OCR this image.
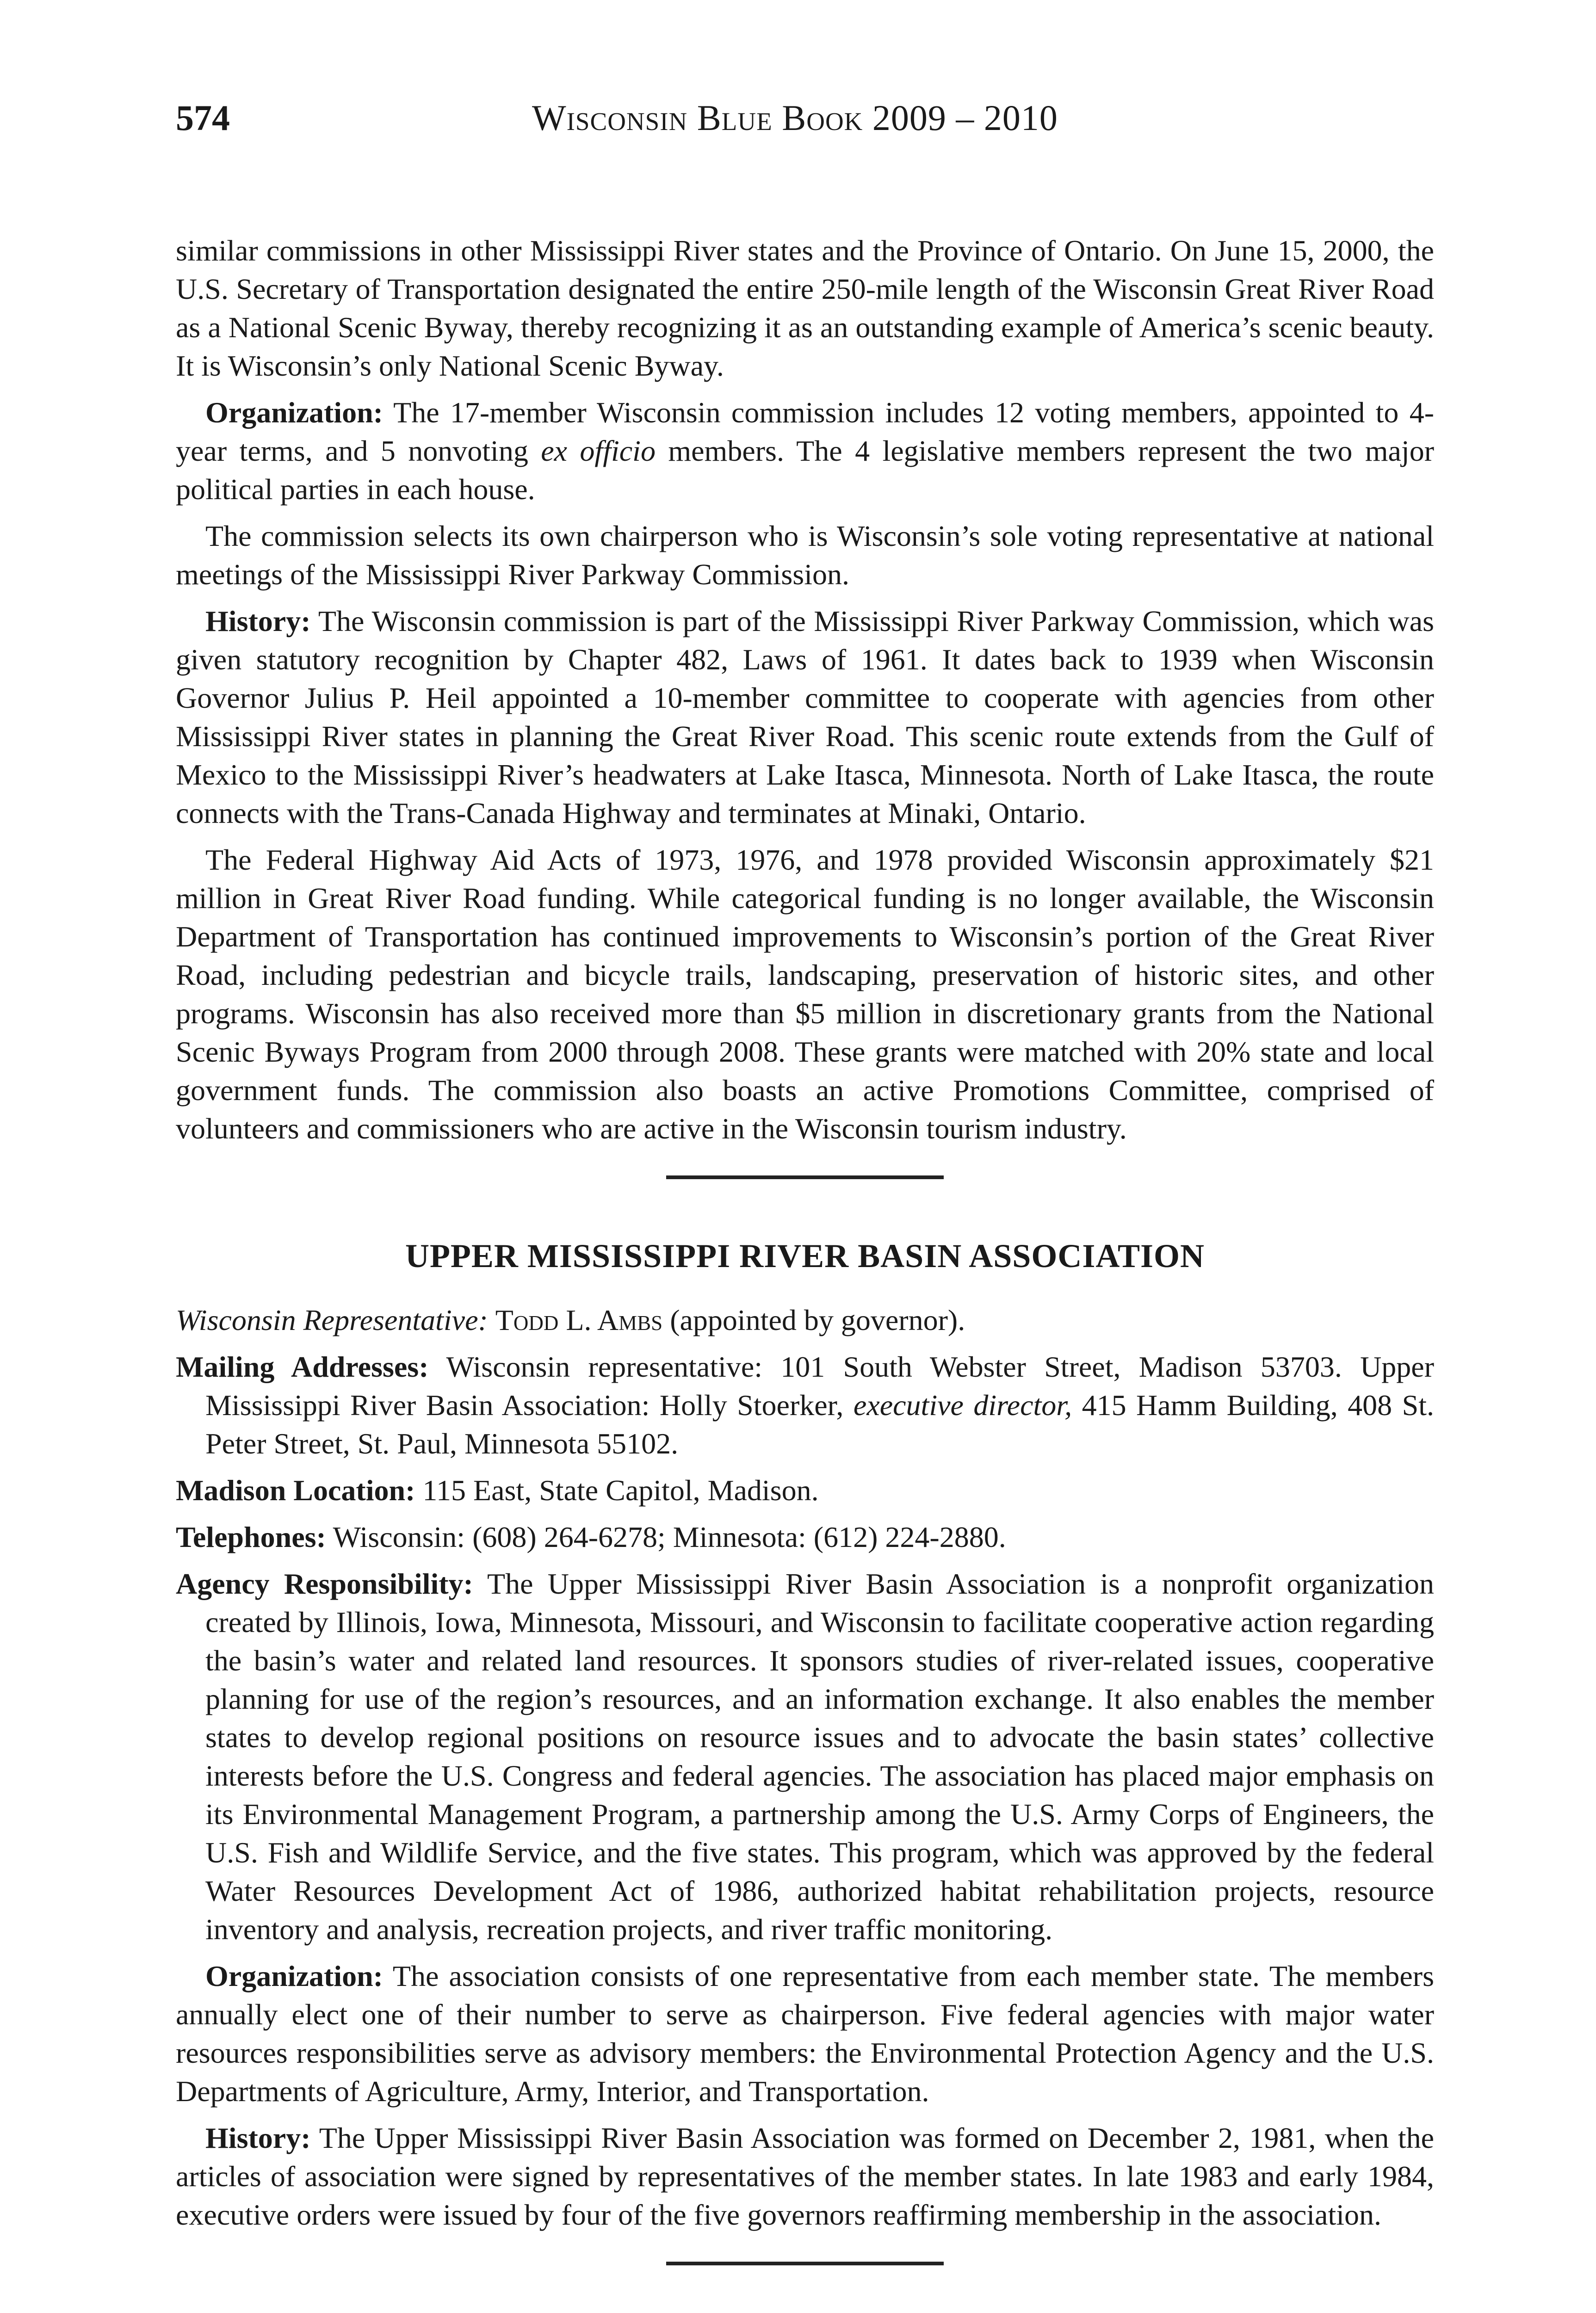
574	Wisconsin Blue Book 2009 – 2010

similar commissions in other Mississippi River states and the Province of Ontario. On June 15, 2000, the U.S. Secretary of Transportation designated the entire 250-mile length of the Wisconsin Great River Road as a National Scenic Byway, thereby recognizing it as an outstanding example of America’s scenic beauty. It is Wisconsin’s only National Scenic Byway.

Organization: The 17-member Wisconsin commission includes 12 voting members, appointed to 4-year terms, and 5 nonvoting ex officio members. The 4 legislative members represent the two major political parties in each house.

The commission selects its own chairperson who is Wisconsin’s sole voting representative at national meetings of the Mississippi River Parkway Commission.

History: The Wisconsin commission is part of the Mississippi River Parkway Commission, which was given statutory recognition by Chapter 482, Laws of 1961. It dates back to 1939 when Wisconsin Governor Julius P. Heil appointed a 10-member committee to cooperate with agencies from other Mississippi River states in planning the Great River Road. This scenic route extends from the Gulf of Mexico to the Mississippi River’s headwaters at Lake Itasca, Minnesota. North of Lake Itasca, the route connects with the Trans-Canada Highway and terminates at Minaki, Ontario.

The Federal Highway Aid Acts of 1973, 1976, and 1978 provided Wisconsin approximately $21 million in Great River Road funding. While categorical funding is no longer available, the Wisconsin Department of Transportation has continued improvements to Wisconsin’s portion of the Great River Road, including pedestrian and bicycle trails, landscaping, preservation of historic sites, and other programs. Wisconsin has also received more than $5 million in discretionary grants from the National Scenic Byways Program from 2000 through 2008. These grants were matched with 20% state and local government funds. The commission also boasts an active Promotions Committee, comprised of volunteers and commissioners who are active in the Wisconsin tourism industry.

UPPER MISSISSIPPI RIVER BASIN ASSOCIATION

Wisconsin Representative: Todd L. Ambs (appointed by governor).

Mailing Addresses: Wisconsin representative: 101 South Webster Street, Madison 53703. Upper Mississippi River Basin Association: Holly Stoerker, executive director, 415 Hamm Building, 408 St. Peter Street, St. Paul, Minnesota 55102.

Madison Location: 115 East, State Capitol, Madison.

Telephones: Wisconsin: (608) 264-6278; Minnesota: (612) 224-2880.

Agency Responsibility: The Upper Mississippi River Basin Association is a nonprofit organization created by Illinois, Iowa, Minnesota, Missouri, and Wisconsin to facilitate cooperative action regarding the basin’s water and related land resources. It sponsors studies of river-related issues, cooperative planning for use of the region’s resources, and an information exchange. It also enables the member states to develop regional positions on resource issues and to advocate the basin states’ collective interests before the U.S. Congress and federal agencies. The association has placed major emphasis on its Environmental Management Program, a partnership among the U.S. Army Corps of Engineers, the U.S. Fish and Wildlife Service, and the five states. This program, which was approved by the federal Water Resources Development Act of 1986, authorized habitat rehabilitation projects, resource inventory and analysis, recreation projects, and river traffic monitoring.

Organization: The association consists of one representative from each member state. The members annually elect one of their number to serve as chairperson. Five federal agencies with major water resources responsibilities serve as advisory members: the Environmental Protection Agency and the U.S. Departments of Agriculture, Army, Interior, and Transportation.

History: The Upper Mississippi River Basin Association was formed on December 2, 1981, when the articles of association were signed by representatives of the member states. In late 1983 and early 1984, executive orders were issued by four of the five governors reaffirming membership in the association.
